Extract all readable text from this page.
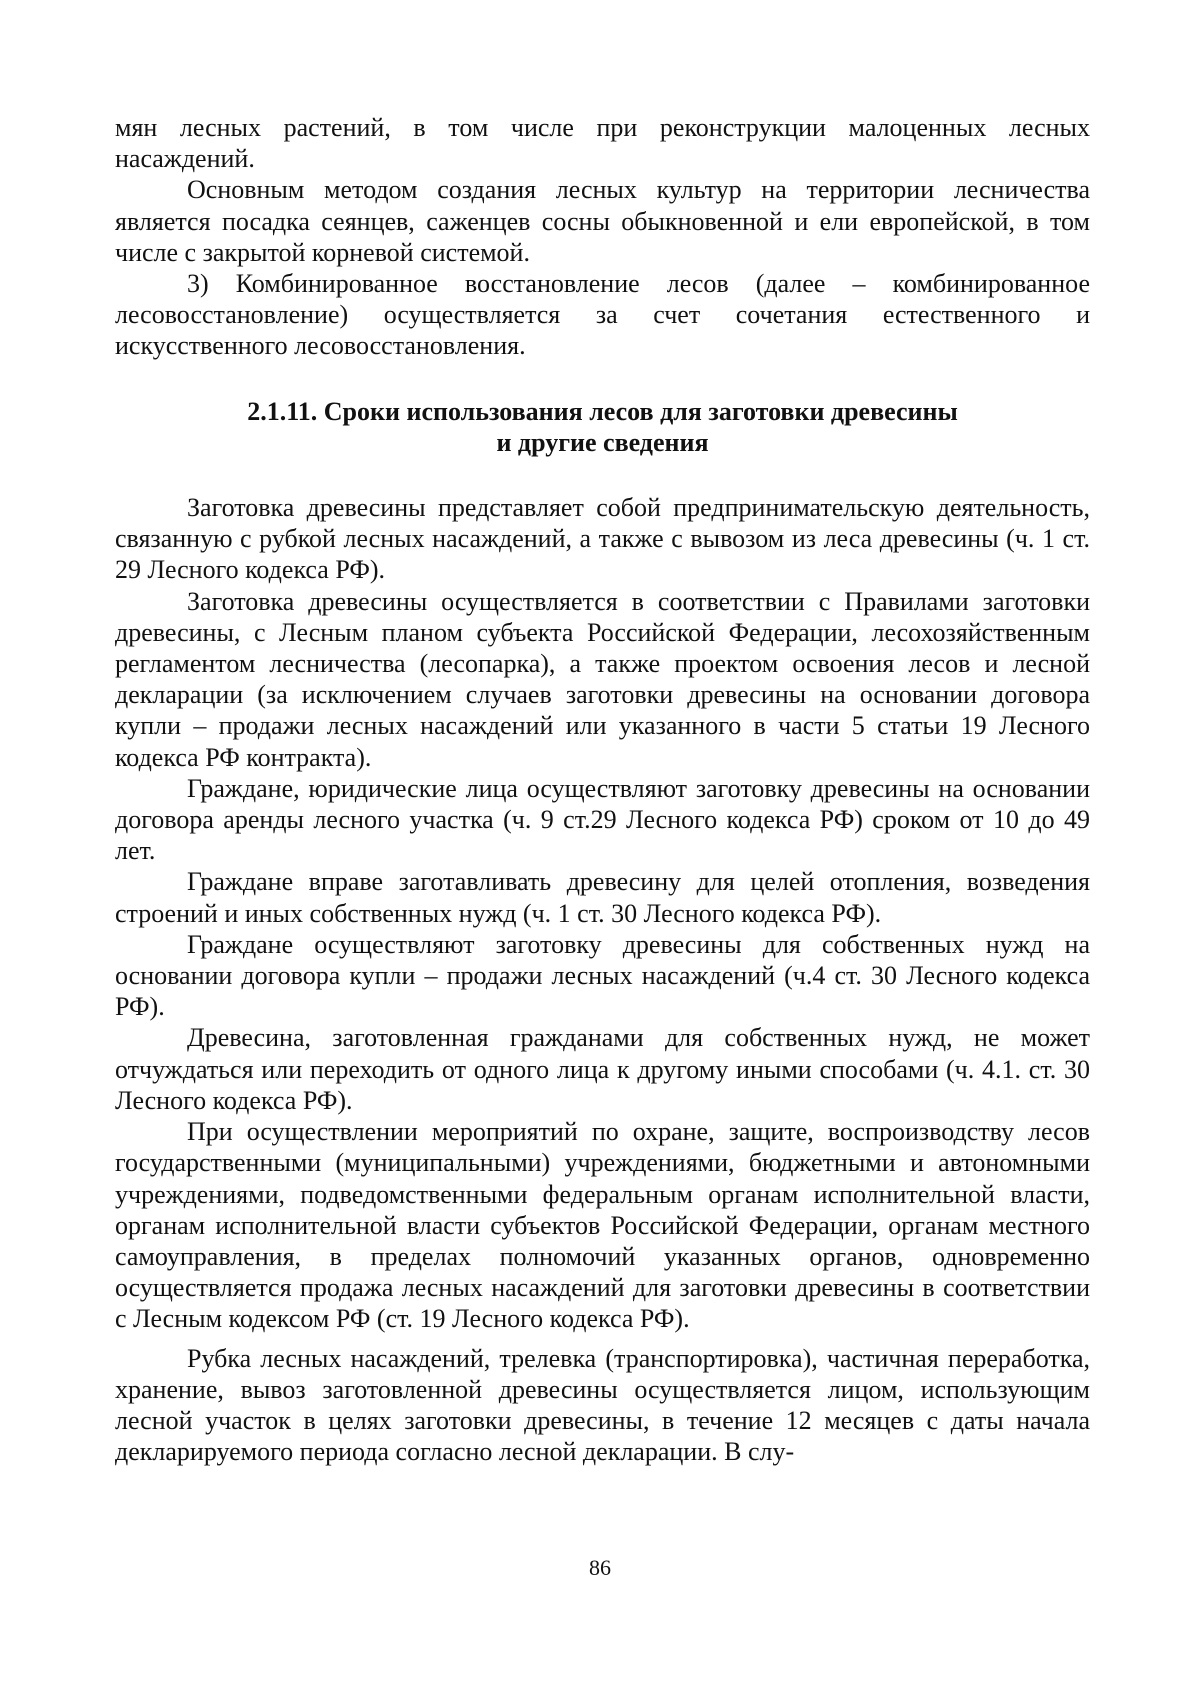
мян лесных растений, в том числе при реконструкции малоценных лесных насаждений.

Основным методом создания лесных культур на территории лесничества является посадка сеянцев, саженцев сосны обыкновенной и ели европейской, в том числе с закрытой корневой системой.

3) Комбинированное восстановление лесов (далее – комбинированное лесовосстановление) осуществляется за счет сочетания естественного и искусственного лесовосстановления.

2.1.11. Сроки использования лесов для заготовки древесины
и другие сведения

Заготовка древесины представляет собой предпринимательскую деятельность, связанную с рубкой лесных насаждений, а также с вывозом из леса древесины (ч. 1 ст. 29 Лесного кодекса РФ).

Заготовка древесины осуществляется в соответствии с Правилами заготовки древесины, с Лесным планом субъекта Российской Федерации, лесохозяйственным регламентом лесничества (лесопарка), а также проектом освоения лесов и лесной декларации (за исключением случаев заготовки древесины на основании договора купли – продажи лесных насаждений или указанного в части 5 статьи 19 Лесного кодекса РФ контракта).

Граждане, юридические лица осуществляют заготовку древесины на основании договора аренды лесного участка (ч. 9 ст.29 Лесного кодекса РФ) сроком от 10 до 49 лет.

Граждане вправе заготавливать древесину для целей отопления, возведения строений и иных собственных нужд (ч. 1 ст. 30 Лесного кодекса РФ).

Граждане осуществляют заготовку древесины для собственных нужд на основании договора купли – продажи лесных насаждений (ч.4 ст. 30 Лесного кодекса РФ).

Древесина, заготовленная гражданами для собственных нужд, не может отчуждаться или переходить от одного лица к другому иными способами (ч. 4.1. ст. 30 Лесного кодекса РФ).

При осуществлении мероприятий по охране, защите, воспроизводству лесов государственными (муниципальными) учреждениями, бюджетными и автономными учреждениями, подведомственными федеральным органам исполнительной власти, органам исполнительной власти субъектов Российской Федерации, органам местного самоуправления, в пределах полномочий указанных органов, одновременно осуществляется продажа лесных насаждений для заготовки древесины в соответствии с Лесным кодексом РФ (ст. 19 Лесного кодекса РФ).

Рубка лесных насаждений, трелевка (транспортировка), частичная переработка, хранение, вывоз заготовленной древесины осуществляется лицом, использующим лесной участок в целях заготовки древесины, в течение 12 месяцев с даты начала декларируемого периода согласно лесной декларации. В слу-

86
